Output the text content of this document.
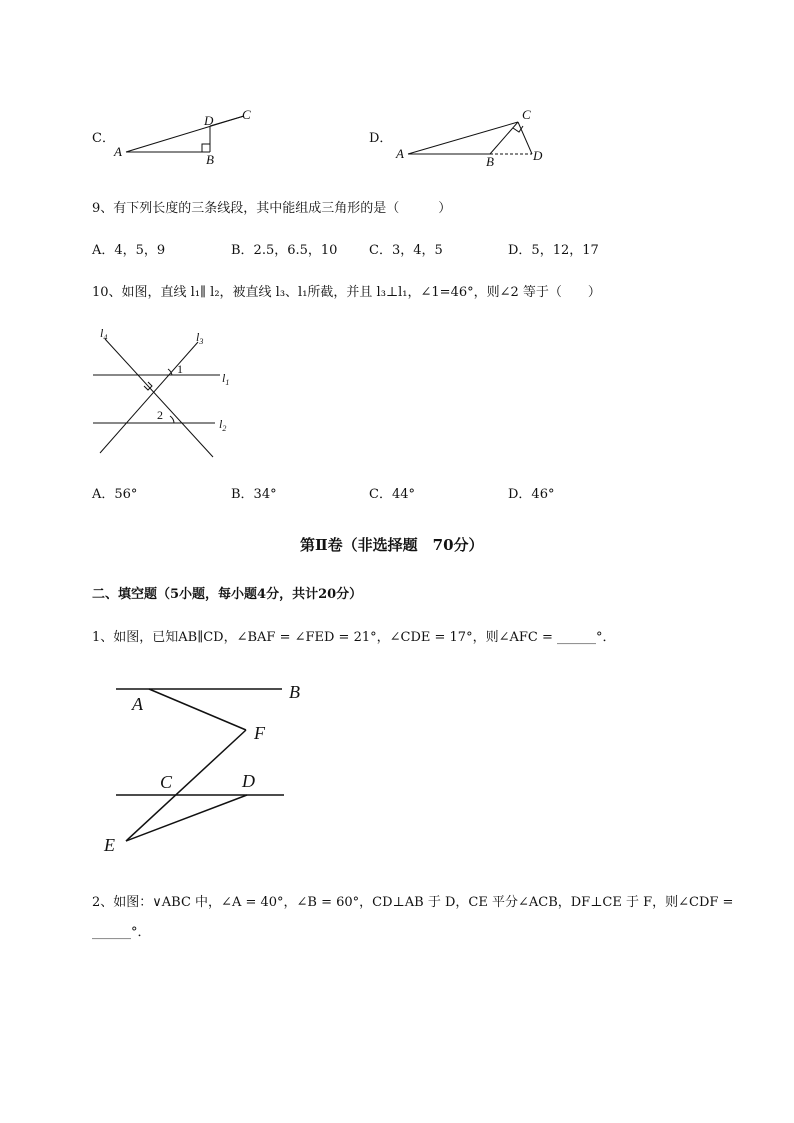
C．
A
B
C
D
D．
A
B
C
D
9、有下列长度的三条线段，其中能组成三角形的是（　　　）
A．4，5，9	B．2.5，6.5，10 C．3，4，5	D．5，12，17
10、如图，直线 l₁∥ l₂，被直线 l₃、l₁所截，并且 l₃⊥l₁，∠1=46°，则∠2 等于（　　）
$l_4$	$l_3$
$l_1$
$l_2$
1
2
A．56°	B．34°	C．44°	D．46°
第Ⅱ卷（非选择题　70分）
二、填空题（5小题，每小题4分，共计20分）
1、如图，已知AB∥CD，∠BAF = ∠FED = 21°，∠CDE = 17°，则∠AFC = ______°．
A
B
F
C	D
E
2、如图：∨ABC 中，∠A = 40°，∠B = 60°，CD⊥AB 于 D，CE 平分∠ACB，DF⊥CE 于 F，则∠CDF =
______°．
